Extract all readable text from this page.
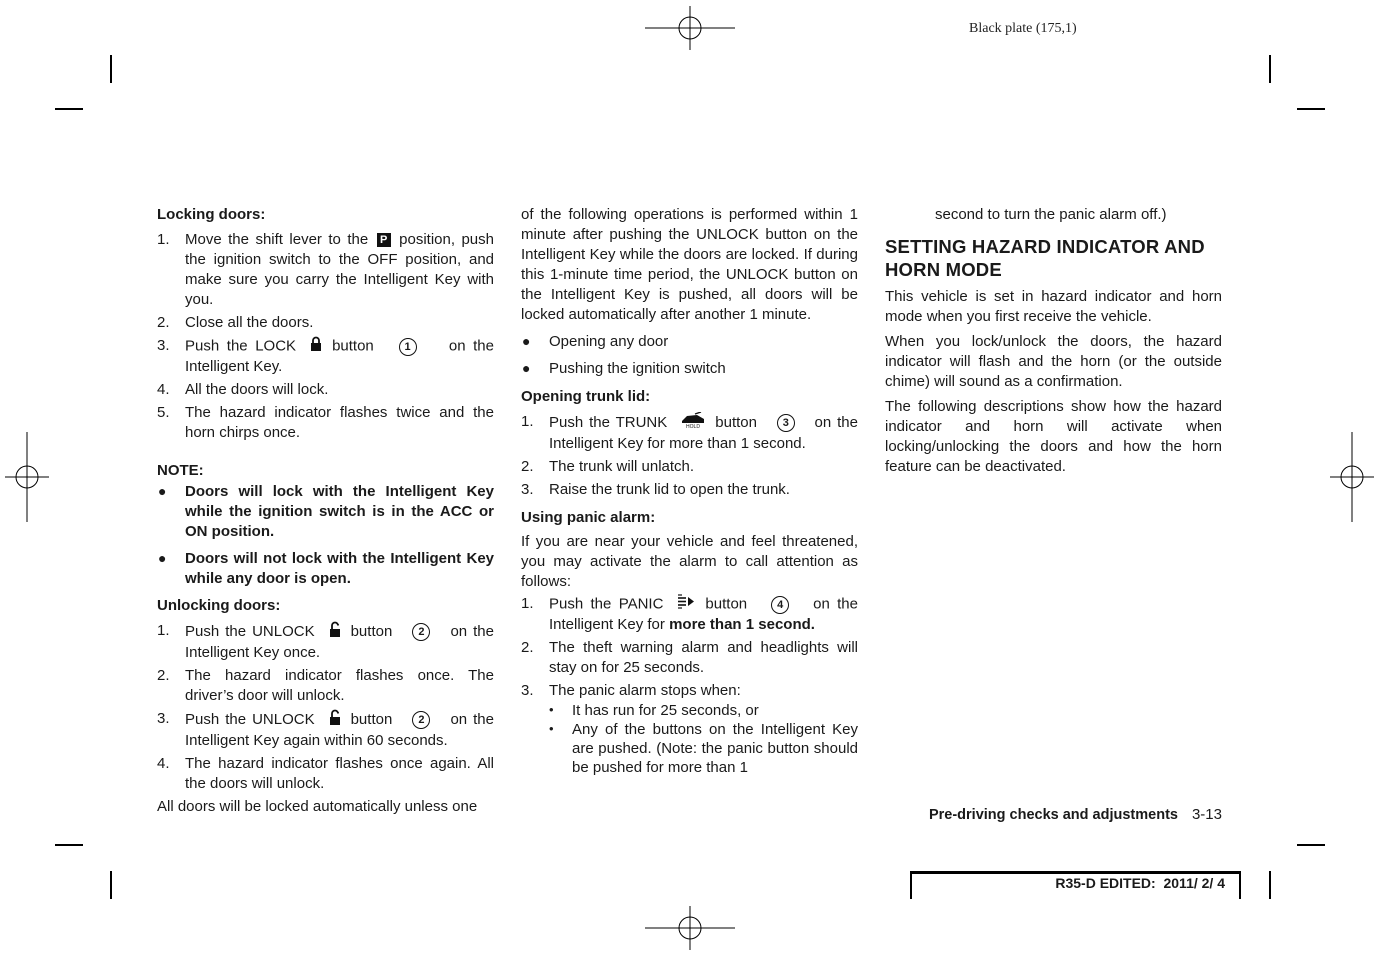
Black plate (175,1)

Locking doors:

1. Move the shift lever to the P position, push the ignition switch to the OFF position, and make sure you carry the Intelligent Key with you.
2. Close all the doors.
3. Push the LOCK button	1	on the Intelligent Key.
4. All the doors will lock.
5. The hazard indicator flashes twice and the horn chirps once.

NOTE:

● Doors will lock with the Intelligent Key while the ignition switch is in the ACC or ON position.
● Doors will not lock with the Intelligent Key while any door is open.

Unlocking doors:

1. Push the UNLOCK button 2 on the Intelligent Key once.
2. The hazard indicator flashes once. The driver’s door will unlock.
3. Push the UNLOCK button 2 on the Intelligent Key again within 60 seconds.
4. The hazard indicator flashes once again. All the doors will unlock.

All doors will be locked automatically unless one

of the following operations is performed within 1 minute after pushing the UNLOCK button on the Intelligent Key while the doors are locked. If during this 1-minute time period, the UNLOCK button on the Intelligent Key is pushed, all doors will be locked automatically after another 1 minute.

● Opening any door
● Pushing the ignition switch

Opening trunk lid:

1. Push the TRUNK	HOLD button 3 on the Intelligent Key for more than 1 second.
2. The trunk will unlatch.
3. Raise the trunk lid to open the trunk.

Using panic alarm:

If you are near your vehicle and feel threatened, you may activate the alarm to call attention as follows:

1. Push the PANIC	button	4 on the Intelligent Key for more than 1 second.
2. The theft warning alarm and headlights will stay on for 25 seconds.
3. The panic alarm stops when:
• It has run for 25 seconds, or
• Any of the buttons on the Intelligent Key are pushed. (Note: the panic button should be pushed for more than 1

second to turn the panic alarm off.)

SETTING HAZARD INDICATOR AND HORN MODE

This vehicle is set in hazard indicator and horn mode when you first receive the vehicle.

When you lock/unlock the doors, the hazard indicator will flash and the horn (or the outside chime) will sound as a confirmation.

The following descriptions show how the hazard indicator and horn will activate when locking/unlocking the doors and how the horn feature can be deactivated.

Pre-driving checks and adjustments 3-13
R35-D EDITED:  2011/ 2/ 4
